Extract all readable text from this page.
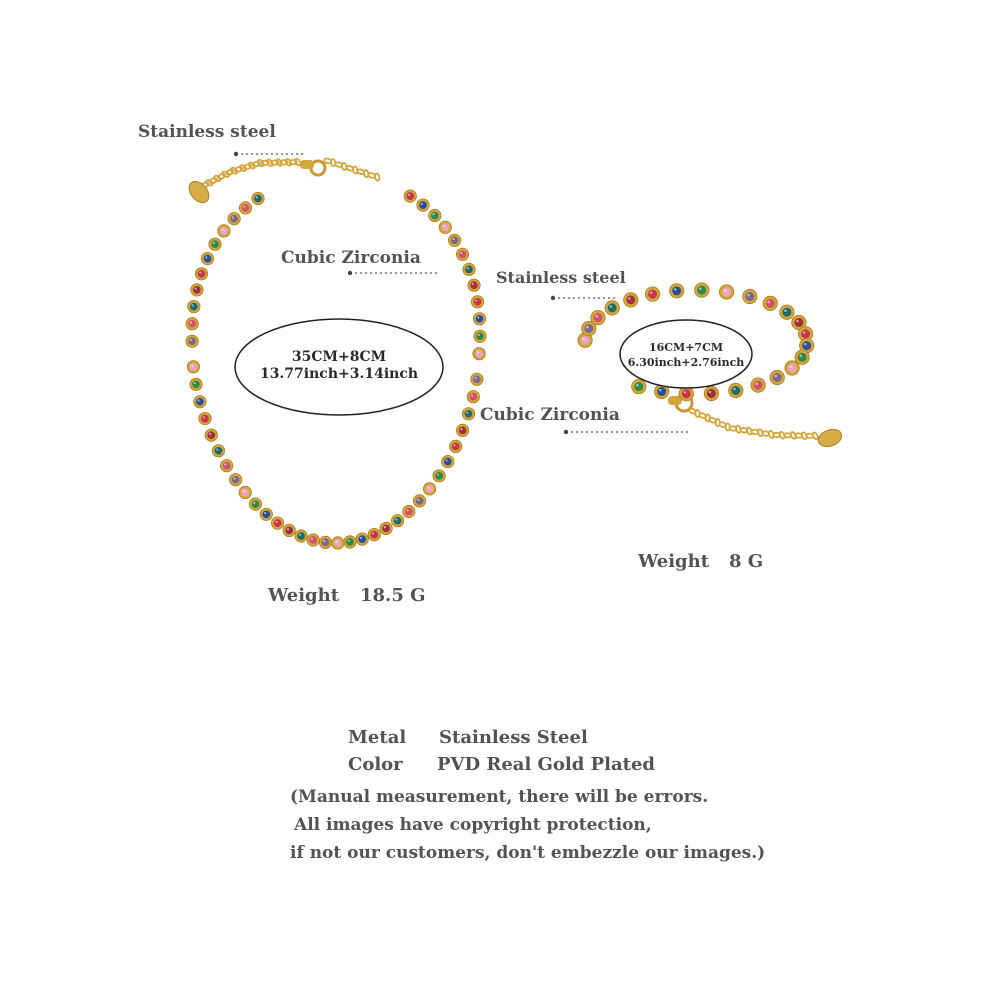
Stainless steel
Cubic Zirconia
35CM+8CM
13.77inch+3.14inch
Weight 18.5 G
Stainless steel
Cubic Zirconia
16CM+7CM
6.30inch+2.76inch
Weight 8 G
Metal Stainless Steel
Color PVD Real Gold Plated
(Manual measurement, there will be errors.
All images have copyright protection,
if not our customers, don't embezzle our images.)
